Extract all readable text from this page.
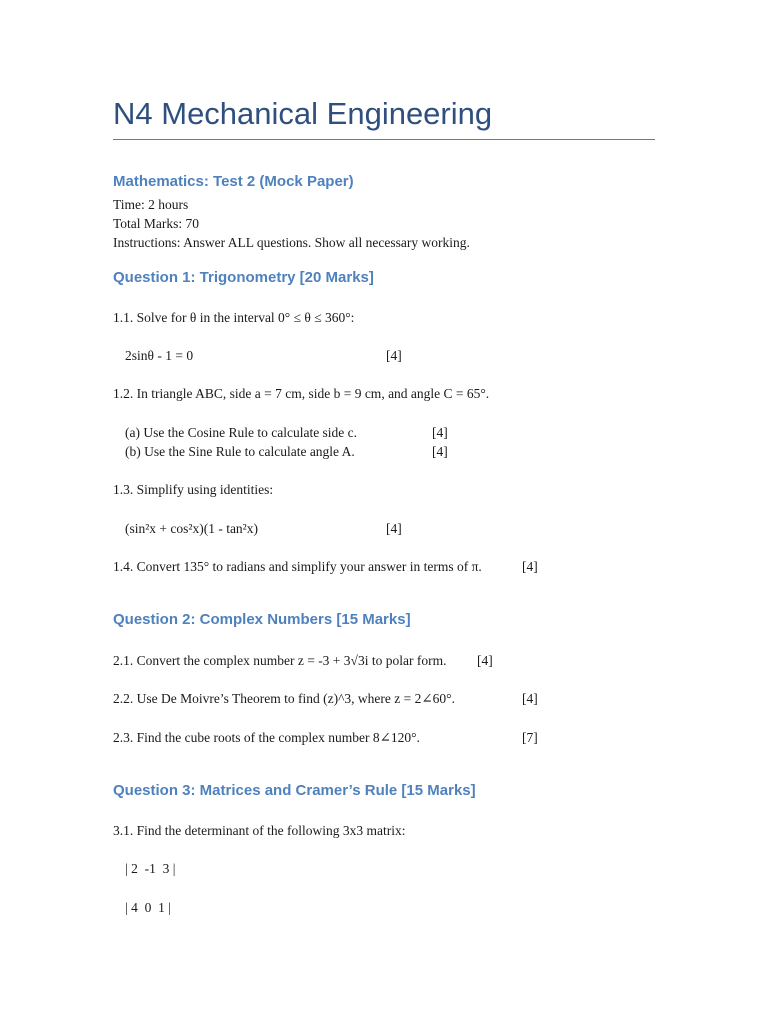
N4 Mechanical Engineering
Mathematics: Test 2 (Mock Paper)
Time: 2 hours
Total Marks: 70
Instructions: Answer ALL questions. Show all necessary working.
Question 1: Trigonometry [20 Marks]
1.1. Solve for θ in the interval 0° ≤ θ ≤ 360°:
2sinθ - 1 = 0	[4]
1.2. In triangle ABC, side a = 7 cm, side b = 9 cm, and angle C = 65°.
(a) Use the Cosine Rule to calculate side c.	[4]
(b) Use the Sine Rule to calculate angle A.	[4]
1.3. Simplify using identities:
(sin²x + cos²x)(1 - tan²x)	[4]
1.4. Convert 135° to radians and simplify your answer in terms of π.	[4]
Question 2: Complex Numbers [15 Marks]
2.1. Convert the complex number z = -3 + 3√3i to polar form. [4]
2.2. Use De Moivre’s Theorem to find (z)^3, where z = 2∠60°.	[4]
2.3. Find the cube roots of the complex number 8∠120°.	[7]
Question 3: Matrices and Cramer’s Rule [15 Marks]
3.1. Find the determinant of the following 3x3 matrix:
| 2  -1  3 |
| 4  0  1 |
